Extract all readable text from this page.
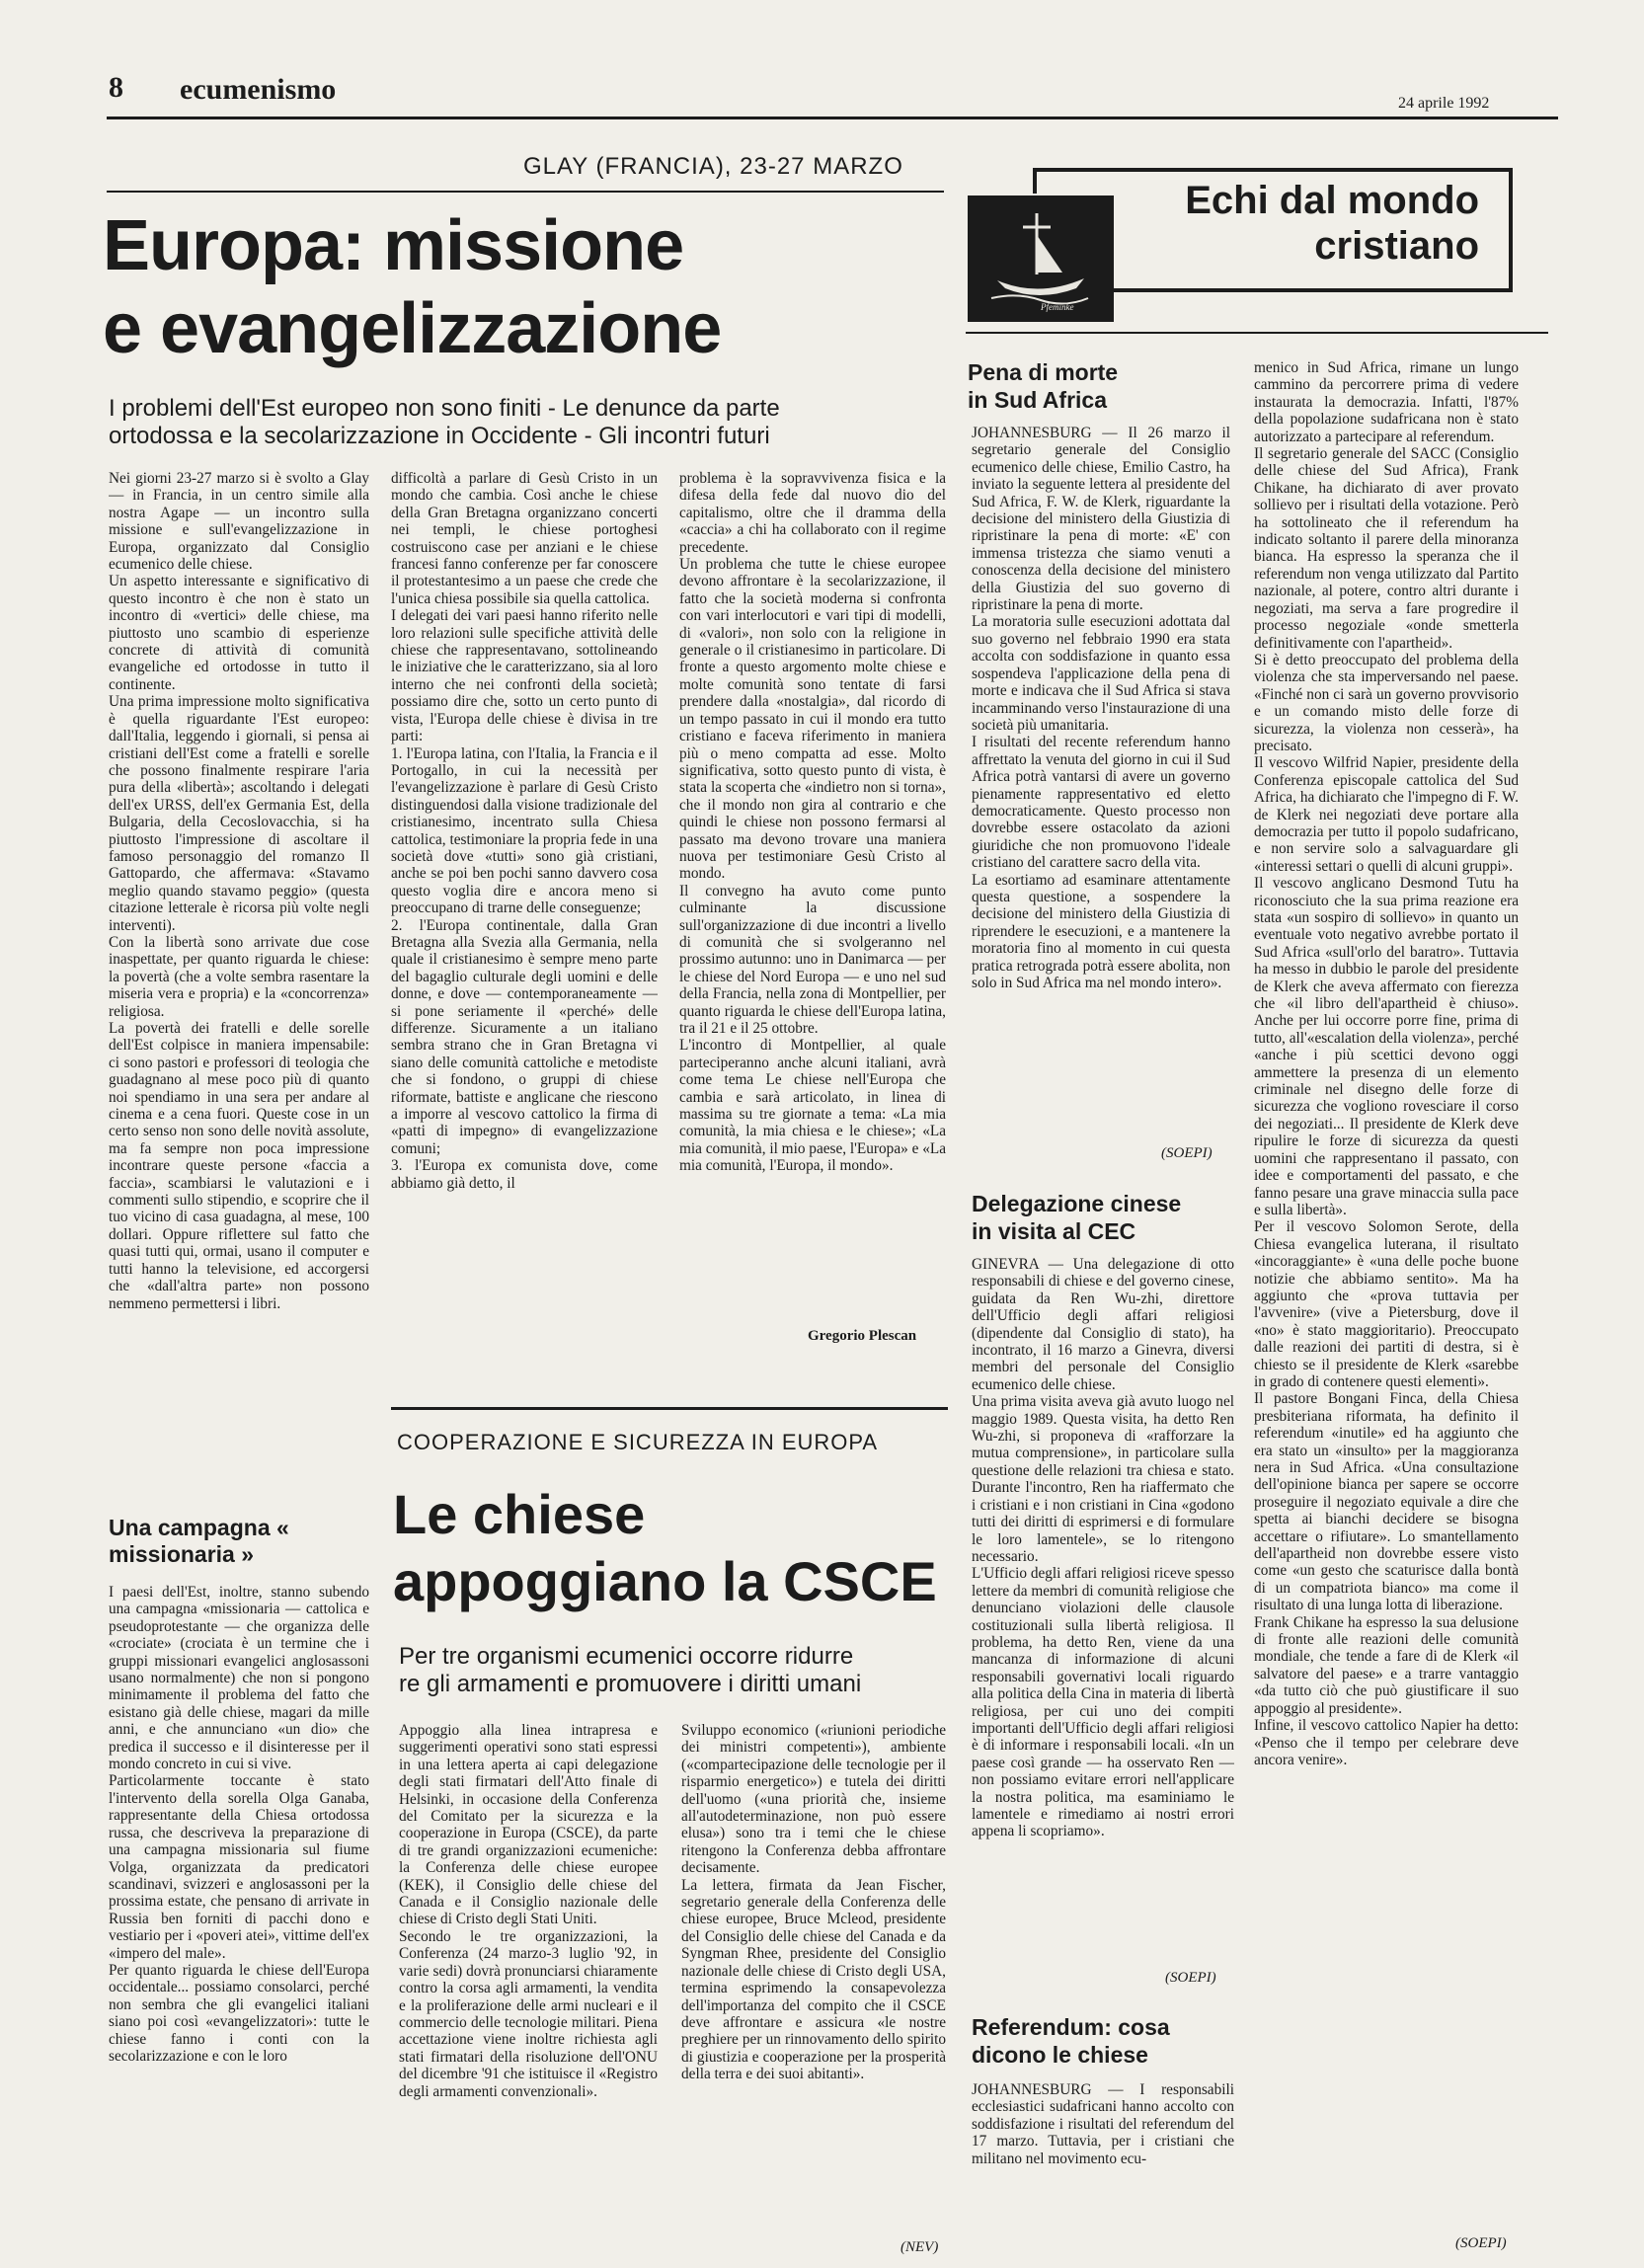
8 ecumenismo	24 aprile 1992
GLAY (FRANCIA), 23-27 MARZO
Europa: missione
e evangelizzazione
I problemi dell'Est europeo non sono finiti - Le denunce da parte
ortodossa e la secolarizzazione in Occidente - Gli incontri futuri
Nei giorni 23-27 marzo si è svolto a Glay — in Francia, in un centro simile alla nostra Agape — un incontro sulla missione e sull'evangelizzazione in Europa, organizzato dal Consiglio ecumenico delle chiese.
Un aspetto interessante e significativo di questo incontro è che non è stato un incontro di «vertici» delle chiese, ma piuttosto uno scambio di esperienze concrete di attività di comunità evangeliche ed ortodosse in tutto il continente.
Una prima impressione molto significativa è quella riguardante l'Est europeo: dall'Italia, leggendo i giornali, si pensa ai cristiani dell'Est come a fratelli e sorelle che possono finalmente respirare l'aria pura della «libertà»; ascoltando i delegati dell'ex URSS, dell'ex Germania Est, della Bulgaria, della Cecoslovacchia, si ha piuttosto l'impressione di ascoltare il famoso personaggio del romanzo Il Gattopardo, che affermava: «Stavamo meglio quando stavamo peggio» (questa citazione letterale è ricorsa più volte negli interventi).
Con la libertà sono arrivate due cose inaspettate, per quanto riguarda le chiese: la povertà (che a volte sembra rasentare la miseria vera e propria) e la «concorrenza» religiosa.
La povertà dei fratelli e delle sorelle dell'Est colpisce in maniera impensabile: ci sono pastori e professori di teologia che guadagnano al mese poco più di quanto noi spendiamo in una sera per andare al cinema e a cena fuori. Queste cose in un certo senso non sono delle novità assolute, ma fa sempre non poca impressione incontrare queste persone «faccia a faccia», scambiarsi le valutazioni e i commenti sullo stipendio, e scoprire che il tuo vicino di casa guadagna, al mese, 100 dollari. Oppure riflettere sul fatto che quasi tutti qui, ormai, usano il computer e tutti hanno la televisione, ed accorgersi che «dall'altra parte» non possono nemmeno permettersi i libri.
difficoltà a parlare di Gesù Cristo in un mondo che cambia. Così anche le chiese della Gran Bretagna organizzano concerti nei templi, le chiese portoghesi costruiscono case per anziani e le chiese francesi fanno conferenze per far conoscere il protestantesimo a un paese che crede che l'unica chiesa possibile sia quella cattolica.
I delegati dei vari paesi hanno riferito nelle loro relazioni sulle specifiche attività delle chiese che rappresentavano, sottolineando le iniziative che le caratterizzano, sia al loro interno che nei confronti della società; possiamo dire che, sotto un certo punto di vista, l'Europa delle chiese è divisa in tre parti:
1. l'Europa latina, con l'Italia, la Francia e il Portogallo, in cui la necessità per l'evangelizzazione è parlare di Gesù Cristo distinguendosi dalla visione tradizionale del cristianesimo, incentrato sulla Chiesa cattolica, testimoniare la propria fede in una società dove «tutti» sono già cristiani, anche se poi ben pochi sanno davvero cosa questo voglia dire e ancora meno si preoccupano di trarne delle conseguenze;
2. l'Europa continentale, dalla Gran Bretagna alla Svezia alla Germania, nella quale il cristianesimo è sempre meno parte del bagaglio culturale degli uomini e delle donne, e dove — contemporaneamente — si pone seriamente il «perché» delle differenze. Sicuramente a un italiano sembra strano che in Gran Bretagna vi siano delle comunità cattoliche e metodiste che si fondono, o gruppi di chiese riformate, battiste e anglicane che riescono a imporre al vescovo cattolico la firma di «patti di impegno» di evangelizzazione comuni;
3. l'Europa ex comunista dove, come abbiamo già detto, il
problema è la sopravvivenza fisica e la difesa della fede dal nuovo dio del capitalismo, oltre che il dramma della «caccia» a chi ha collaborato con il regime precedente.
Un problema che tutte le chiese europee devono affrontare è la secolarizzazione, il fatto che la società moderna si confronta con vari interlocutori e vari tipi di modelli, di «valori», non solo con la religione in generale o il cristianesimo in particolare. Di fronte a questo argomento molte chiese e molte comunità sono tentate di farsi prendere dalla «nostalgia», dal ricordo di un tempo passato in cui il mondo era tutto cristiano e faceva riferimento in maniera più o meno compatta ad esse. Molto significativa, sotto questo punto di vista, è stata la scoperta che «indietro non si torna», che il mondo non gira al contrario e che quindi le chiese non possono fermarsi al passato ma devono trovare una maniera nuova per testimoniare Gesù Cristo al mondo.
Il convegno ha avuto come punto culminante la discussione sull'organizzazione di due incontri a livello di comunità che si svolgeranno nel prossimo autunno: uno in Danimarca — per le chiese del Nord Europa — e uno nel sud della Francia, nella zona di Montpellier, per quanto riguarda le chiese dell'Europa latina, tra il 21 e il 25 ottobre.
L'incontro di Montpellier, al quale parteciperanno anche alcuni italiani, avrà come tema Le chiese nell'Europa che cambia e sarà articolato, in linea di massima su tre giornate a tema: «La mia comunità, la mia chiesa e le chiese»; «La mia comunità, il mio paese, l'Europa» e «La mia comunità, l'Europa, il mondo».
Gregorio Plescan
Una campagna « missionaria »
I paesi dell'Est, inoltre, stanno subendo una campagna «missionaria — cattolica e pseudoprotestante — che organizza delle «crociate» (crociata è un termine che i gruppi missionari evangelici anglosassoni usano normalmente) che non si pongono minimamente il problema del fatto che esistano già delle chiese, magari da mille anni, e che annunciano «un dio» che predica il successo e il disinteresse per il mondo concreto in cui si vive.
Particolarmente toccante è stato l'intervento della sorella Olga Ganaba, rappresentante della Chiesa ortodossa russa, che descriveva la preparazione di una campagna missionaria sul fiume Volga, organizzata da predicatori scandinavi, svizzeri e anglosassoni per la prossima estate, che pensano di arrivate in Russia ben forniti di pacchi dono e vestiario per i «poveri atei», vittime dell'ex «impero del male».
Per quanto riguarda le chiese dell'Europa occidentale... possiamo consolarci, perché non sembra che gli evangelici italiani siano poi così «evangelizzatori»: tutte le chiese fanno i conti con la secolarizzazione e con le loro
COOPERAZIONE E SICUREZZA IN EUROPA
Le chiese
appoggiano la CSCE
Per tre organismi ecumenici occorre ridurre
re gli armamenti e promuovere i diritti umani
Appoggio alla linea intrapresa e suggerimenti operativi sono stati espressi in una lettera aperta ai capi delegazione degli stati firmatari dell'Atto finale di Helsinki, in occasione della Conferenza del Comitato per la sicurezza e la cooperazione in Europa (CSCE), da parte di tre grandi organizzazioni ecumeniche: la Conferenza delle chiese europee (KEK), il Consiglio delle chiese del Canada e il Consiglio nazionale delle chiese di Cristo degli Stati Uniti.
Secondo le tre organizzazioni, la Conferenza (24 marzo-3 luglio '92, in varie sedi) dovrà pronunciarsi chiaramente contro la corsa agli armamenti, la vendita e la proliferazione delle armi nucleari e il commercio delle tecnologie militari. Piena accettazione viene inoltre richiesta agli stati firmatari della risoluzione dell'ONU del dicembre '91 che istituisce il «Registro degli armamenti convenzionali».
Sviluppo economico («riunioni periodiche dei ministri competenti»), ambiente («compartecipazione delle tecnologie per il risparmio energetico») e tutela dei diritti dell'uomo («una priorità che, insieme all'autodeterminazione, non può essere elusa») sono tra i temi che le chiese ritengono la Conferenza debba affrontare decisamente.
La lettera, firmata da Jean Fischer, segretario generale della Conferenza delle chiese europee, Bruce Mcleod, presidente del Consiglio delle chiese del Canada e da Syngman Rhee, presidente del Consiglio nazionale delle chiese di Cristo degli USA, termina esprimendo la consapevolezza dell'importanza del compito che il CSCE deve affrontare e assicura «le nostre preghiere per un rinnovamento dello spirito di giustizia e cooperazione per la prosperità della terra e dei suoi abitanti».
(NEV)
Pfeminke
Echi dal mondo
cristiano
Pena di morte
in Sud Africa
JOHANNESBURG — Il 26 marzo il segretario generale del Consiglio ecumenico delle chiese, Emilio Castro, ha inviato la seguente lettera al presidente del Sud Africa, F. W. de Klerk, riguardante la decisione del ministero della Giustizia di ripristinare la pena di morte: «E' con immensa tristezza che siamo venuti a conoscenza della decisione del ministero della Giustizia del suo governo di ripristinare la pena di morte.
La moratoria sulle esecuzioni adottata dal suo governo nel febbraio 1990 era stata accolta con soddisfazione in quanto essa sospendeva l'applicazione della pena di morte e indicava che il Sud Africa si stava incamminando verso l'instaurazione di una società più umanitaria.
I risultati del recente referendum hanno affrettato la venuta del giorno in cui il Sud Africa potrà vantarsi di avere un governo pienamente rappresentativo ed eletto democraticamente. Questo processo non dovrebbe essere ostacolato da azioni giuridiche che non promuovono l'ideale cristiano del carattere sacro della vita.
La esortiamo ad esaminare attentamente questa questione, a sospendere la decisione del ministero della Giustizia di riprendere le esecuzioni, e a mantenere la moratoria fino al momento in cui questa pratica retrograda potrà essere abolita, non solo in Sud Africa ma nel mondo intero».
(SOEPI)
Delegazione cinese
in visita al CEC
GINEVRA — Una delegazione di otto responsabili di chiese e del governo cinese, guidata da Ren Wu-zhi, direttore dell'Ufficio degli affari religiosi (dipendente dal Consiglio di stato), ha incontrato, il 16 marzo a Ginevra, diversi membri del personale del Consiglio ecumenico delle chiese.
Una prima visita aveva già avuto luogo nel maggio 1989. Questa visita, ha detto Ren Wu-zhi, si proponeva di «rafforzare la mutua comprensione», in particolare sulla questione delle relazioni tra chiesa e stato. Durante l'incontro, Ren ha riaffermato che i cristiani e i non cristiani in Cina «godono tutti dei diritti di esprimersi e di formulare le loro lamentele», se lo ritengono necessario.
L'Ufficio degli affari religiosi riceve spesso lettere da membri di comunità religiose che denunciano violazioni delle clausole costituzionali sulla libertà religiosa. Il problema, ha detto Ren, viene da una mancanza di informazione di alcuni responsabili governativi locali riguardo alla politica della Cina in materia di libertà religiosa, per cui uno dei compiti importanti dell'Ufficio degli affari religiosi è di informare i responsabili locali. «In un paese così grande — ha osservato Ren — non possiamo evitare errori nell'applicare la nostra politica, ma esaminiamo le lamentele e rimediamo ai nostri errori appena li scopriamo».
(SOEPI)
Referendum: cosa
dicono le chiese
JOHANNESBURG — I responsabili ecclesiastici sudafricani hanno accolto con soddisfazione i risultati del referendum del 17 marzo. Tuttavia, per i cristiani che militano nel movimento ecu-
menico in Sud Africa, rimane un lungo cammino da percorrere prima di vedere instaurata la democrazia. Infatti, l'87% della popolazione sudafricana non è stato autorizzato a partecipare al referendum.
Il segretario generale del SACC (Consiglio delle chiese del Sud Africa), Frank Chikane, ha dichiarato di aver provato sollievo per i risultati della votazione. Però ha sottolineato che il referendum ha indicato soltanto il parere della minoranza bianca. Ha espresso la speranza che il referendum non venga utilizzato dal Partito nazionale, al potere, contro altri durante i negoziati, ma serva a fare progredire il processo negoziale «onde smetterla definitivamente con l'apartheid».
Si è detto preoccupato del problema della violenza che sta imperversando nel paese. «Finché non ci sarà un governo provvisorio e un comando misto delle forze di sicurezza, la violenza non cesserà», ha precisato.
Il vescovo Wilfrid Napier, presidente della Conferenza episcopale cattolica del Sud Africa, ha dichiarato che l'impegno di F. W. de Klerk nei negoziati deve portare alla democrazia per tutto il popolo sudafricano, e non servire solo a salvaguardare gli «interessi settari o quelli di alcuni gruppi».
Il vescovo anglicano Desmond Tutu ha riconosciuto che la sua prima reazione era stata «un sospiro di sollievo» in quanto un eventuale voto negativo avrebbe portato il Sud Africa «sull'orlo del baratro». Tuttavia ha messo in dubbio le parole del presidente de Klerk che aveva affermato con fierezza che «il libro dell'apartheid è chiuso». Anche per lui occorre porre fine, prima di tutto, all'«escalation della violenza», perché «anche i più scettici devono oggi ammettere la presenza di un elemento criminale nel disegno delle forze di sicurezza che vogliono rovesciare il corso dei negoziati... Il presidente de Klerk deve ripulire le forze di sicurezza da questi uomini che rappresentano il passato, con idee e comportamenti del passato, e che fanno pesare una grave minaccia sulla pace e sulla libertà».
Per il vescovo Solomon Serote, della Chiesa evangelica luterana, il risultato «incoraggiante» è «una delle poche buone notizie che abbiamo sentito». Ma ha aggiunto che «prova tuttavia per l'avvenire» (vive a Pietersburg, dove il «no» è stato maggioritario). Preoccupato dalle reazioni dei partiti di destra, si è chiesto se il presidente de Klerk «sarebbe in grado di contenere questi elementi».
Il pastore Bongani Finca, della Chiesa presbiteriana riformata, ha definito il referendum «inutile» ed ha aggiunto che era stato un «insulto» per la maggioranza nera in Sud Africa. «Una consultazione dell'opinione bianca per sapere se occorre proseguire il negoziato equivale a dire che spetta ai bianchi decidere se bisogna accettare o rifiutare». Lo smantellamento dell'apartheid non dovrebbe essere visto come «un gesto che scaturisce dalla bontà di un compatriota bianco» ma come il risultato di una lunga lotta di liberazione.
Frank Chikane ha espresso la sua delusione di fronte alle reazioni delle comunità mondiale, che tende a fare di de Klerk «il salvatore del paese» e a trarre vantaggio «da tutto ciò che può giustificare il suo appoggio al presidente».
Infine, il vescovo cattolico Napier ha detto: «Penso che il tempo per celebrare deve ancora venire».
(SOEPI)
